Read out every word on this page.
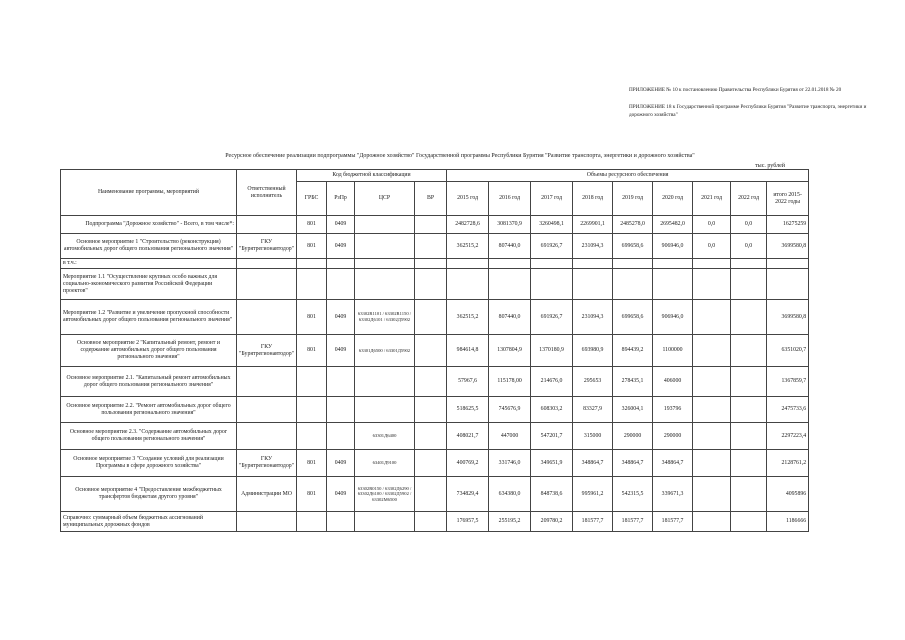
ПРИЛОЖЕНИЕ № 10 к постановлению Правительства Республики Бурятия от 22.01.2018 № 20

ПРИЛОЖЕНИЕ 18 к Государственной программе Республики Бурятия "Развитие транспорта, энергетики и дорожного хозяйства"

Ресурсное обеспечение реализации подпрограммы "Дорожное хозяйство" Государственной программы Республики Бурятия "Развитие транспорта, энергетики и дорожного хозяйства"
тыс. рублей
Наименование программы, мероприятий	Ответственный исполнитель	Код бюджетной классификации				Объемы ресурсного обеспечения								
		ГРБС	РзПр	ЦСР	ВР	2015 год	2016 год	2017 год	2018 год	2019 год	2020 год	2021 год	2022 год	итого 2015-2022 годы
Подпрограмма "Дорожное хозяйство" - Всего, в том числе*:		801	0409			2482728,6	3081370,9	3260498,1	2269901,1	2485278,0	2695482,0	0,0	0,0	16275259
Основное мероприятие 1 "Строительство (реконструкция) автомобильных дорог общего пользования регионального значения"	ГКУ "Бурятрегионавтодор"	801	0409			362515,2	807440,0	691926,7	231094,3	699658,6	906946,0	0,0	0,0	3699580,8
в т.ч.:														
Мероприятие 1.1 "Осуществление крупных особо важных для социально-экономического развития Российской Федерации проектов"														
Мероприятие 1.2 "Развитие и увеличение пропускной способности автомобильных дорог общего пользования регионального значения"		801	0409	63302R1101 / 63302R1150 / 63302Д6101 / 63302Д5902		362515,2	807440,0	691926,7	231094,3	699658,6	906946,0			3699580,8
Основное мероприятие 2 "Капитальный ремонт, ремонт и содержание автомобильных дорог общего пользования регионального значения"	ГКУ "Бурятрегионавтодор"	801	0409	63301Д6500 / 63301Д5902		984614,8	1307804,9	1370180,9	693980,9	894439,2	1100000			6351020,7
Основное мероприятие 2.1. "Капитальный ремонт автомобильных дорог общего пользования регионального значения"						57967,6	115178,00	214676,0	295653	278435,1	406000			1367859,7
Основное мероприятие 2.2. "Ремонт автомобильных дорог общего пользования регионального значения"						518625,5	745676,9	608303,2	83327,9	326004,1	193796			2475733,6
Основное мероприятие 2.3. "Содержание автомобильных дорог общего пользования регионального значения"				63301Д6400		408021,7	447000	547201,7	315000	290000	290000			2297223,4
Основное мероприятие 3 "Создание условий для реализации Программы в сфере дорожного хозяйства"	ГКУ "Бурятрегионавтодор"	801	0409	63401Д9100		400769,2	331746,0	349651,9	348864,7	348864,7	348864,7			2128761,2
Основное мероприятие 4 "Предоставление межбюджетных трансфертов бюджетам другого уровня"	Администрации МО	801	0409	63302R0150 / 63302Д6290 / 63302Д6100 / 63302Д5902 / 63302M6500		734829,4	634380,0	848738,6	995961,2	542315,5	339671,3			4095896
Справочно: суммарный объем бюджетных ассигнований муниципальных дорожных фондов						176957,5	255195,2	209780,2	181577,7	181577,7	181577,7			1186666
